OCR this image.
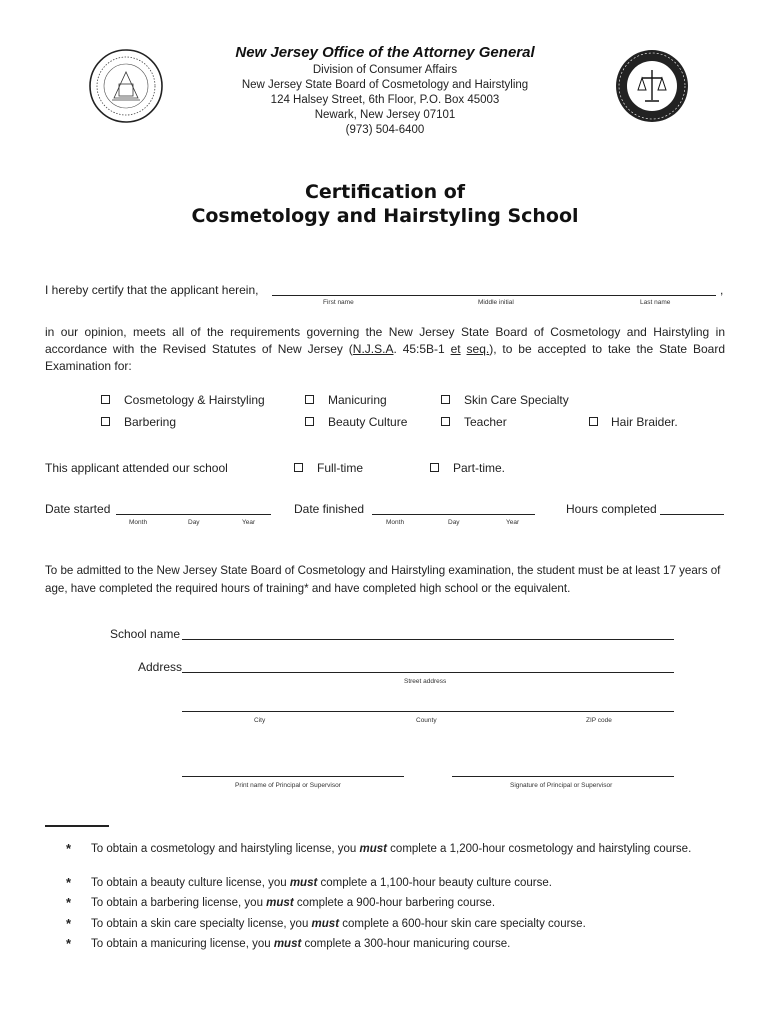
New Jersey Office of the Attorney General
Division of Consumer Affairs
New Jersey State Board of Cosmetology and Hairstyling
124 Halsey Street, 6th Floor, P.O. Box 45003
Newark, New Jersey 07101
(973) 504-6400
Certification of
Cosmetology and Hairstyling School
I hereby certify that the applicant herein,	,
First name	Middle initial	Last name
in our opinion, meets all of the requirements governing the New Jersey State Board of Cosmetology and Hairstyling in accordance with the Revised Statutes of New Jersey (N.J.S.A. 45:5B-1 et seq.), to be accepted to take the State Board Examination for:
Cosmetology & Hairstyling	Manicuring	Skin Care Specialty
Barbering	Beauty Culture	Teacher	Hair Braider.
This applicant attended our school	Full-time	Part-time.
Date started
Month	Day	Year
Date finished
Month	Day	Year
Hours completed
To be admitted to the New Jersey State Board of Cosmetology and Hairstyling examination, the student must be at least 17 years of age, have completed the required hours of training* and have completed high school or the equivalent.
School name
Address
Street address
City	County	ZIP code
Print name of Principal or Supervisor	Signature of Principal or Supervisor
* To obtain a cosmetology and hairstyling license, you must complete a 1,200-hour cosmetology and hairstyling course.
* To obtain a beauty culture license, you must complete a 1,100-hour beauty culture course.
* To obtain a barbering license, you must complete a 900-hour barbering course.
* To obtain a skin care specialty license, you must complete a 600-hour skin care specialty course.
* To obtain a manicuring license, you must complete a 300-hour manicuring course.
